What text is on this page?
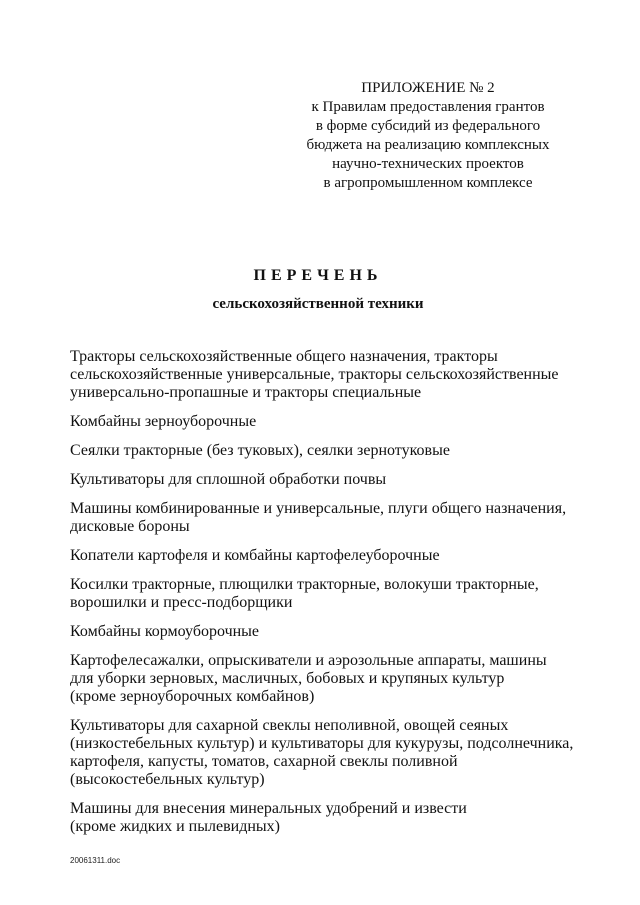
ПРИЛОЖЕНИЕ № 2
к Правилам предоставления грантов
в форме субсидий из федерального
бюджета на реализацию комплексных
научно-технических проектов
в агропромышленном комплексе
ПЕРЕЧЕНЬ
сельскохозяйственной техники
Тракторы сельскохозяйственные общего назначения, тракторы
сельскохозяйственные универсальные, тракторы сельскохозяйственные
универсально-пропашные и тракторы специальные
Комбайны зерноуборочные
Сеялки тракторные (без туковых), сеялки зернотуковые
Культиваторы для сплошной обработки почвы
Машины комбинированные и универсальные, плуги общего назначения,
дисковые бороны
Копатели картофеля и комбайны картофелеуборочные
Косилки тракторные, плющилки тракторные, волокуши тракторные,
ворошилки и пресс-подборщики
Комбайны кормоуборочные
Картофелесажалки, опрыскиватели и аэрозольные аппараты, машины
для уборки зерновых, масличных, бобовых и крупяных культур
(кроме зерноуборочных комбайнов)
Культиваторы для сахарной свеклы неполивной, овощей сеяных
(низкостебельных культур) и культиваторы для кукурузы, подсолнечника,
картофеля, капусты, томатов, сахарной свеклы поливной
(высокостебельных культур)
Машины для внесения минеральных удобрений и извести
(кроме жидких и пылевидных)
20061311.doc
